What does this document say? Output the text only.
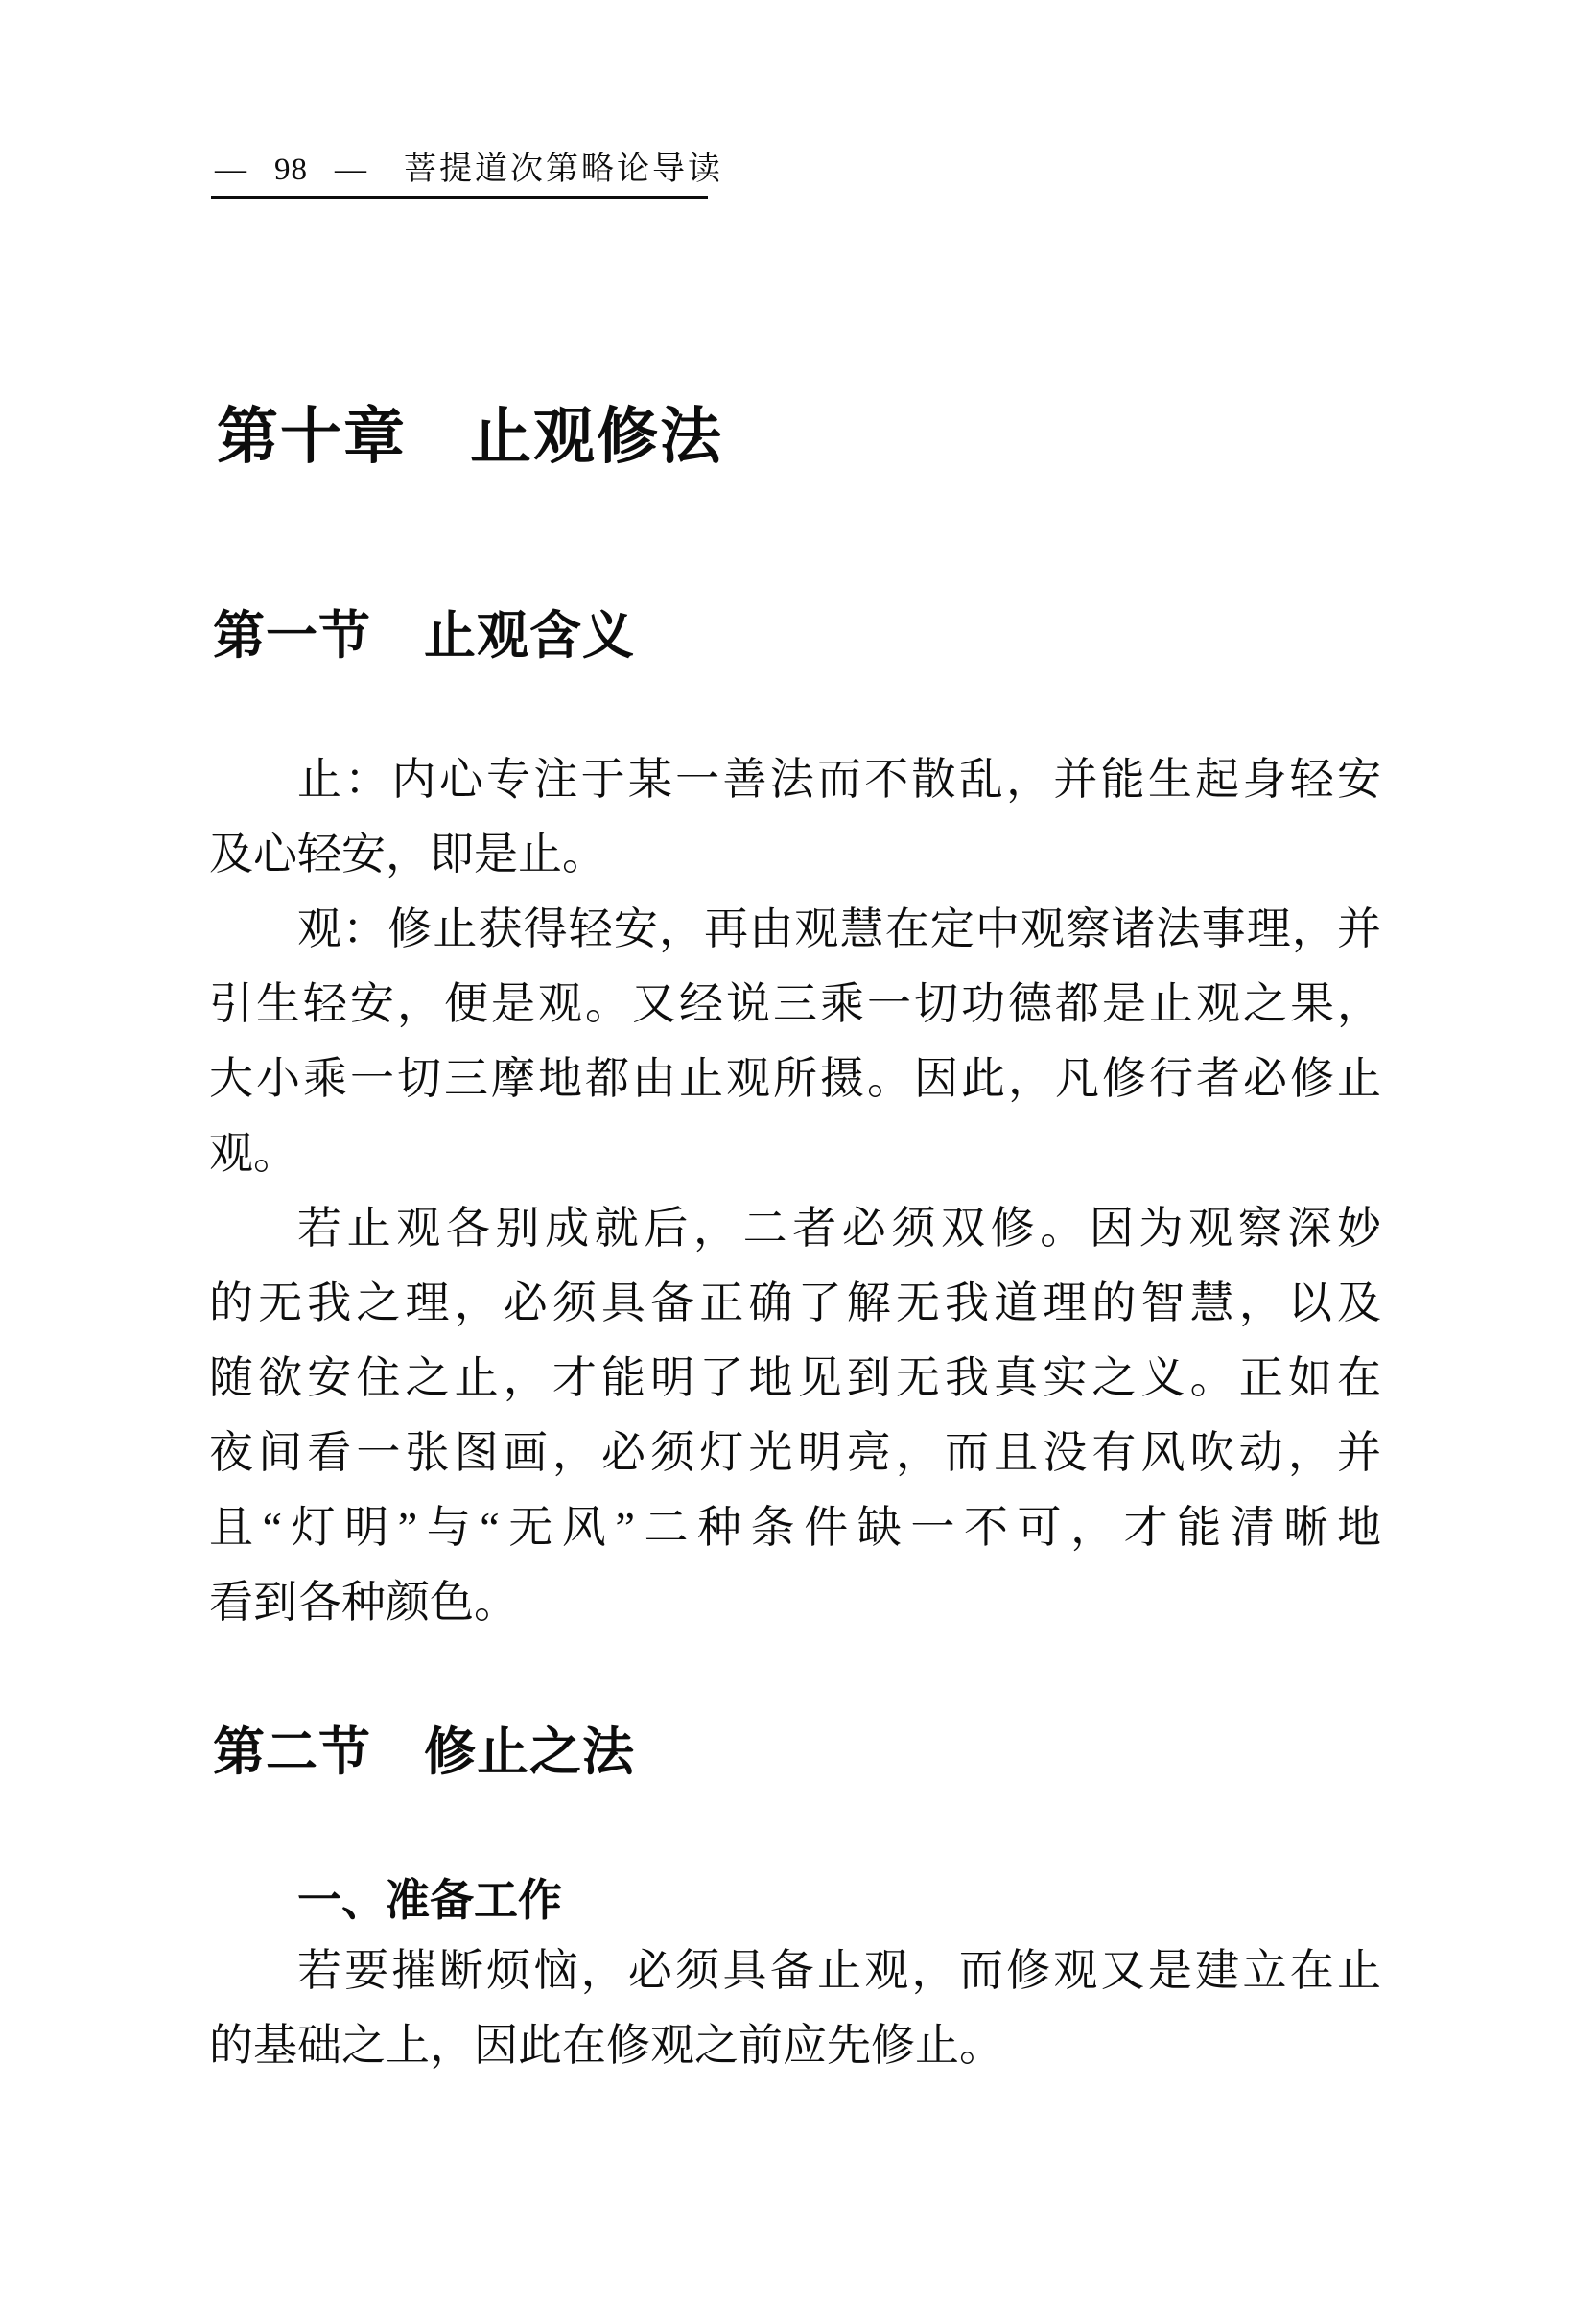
— 98 — 菩提道次第略论导读
第十章　止观修法
第一节　止观含义
止：内心专注于某一善法而不散乱，并能生起身轻安
及心轻安，即是止。
观：修止获得轻安，再由观慧在定中观察诸法事理，并
引生轻安，便是观。又经说三乘一切功德都是止观之果，
大小乘一切三摩地都由止观所摄。因此，凡修行者必修止
观。
若止观各别成就后，二者必须双修。因为观察深妙
的无我之理，必须具备正确了解无我道理的智慧，以及
随欲安住之止，才能明了地见到无我真实之义。正如在
夜间看一张图画，必须灯光明亮，而且没有风吹动，并
且“灯明”与“无风”二种条件缺一不可，才能清晰地
看到各种颜色。
第二节　修止之法
一、准备工作
若要摧断烦恼，必须具备止观，而修观又是建立在止
的基础之上，因此在修观之前应先修止。
